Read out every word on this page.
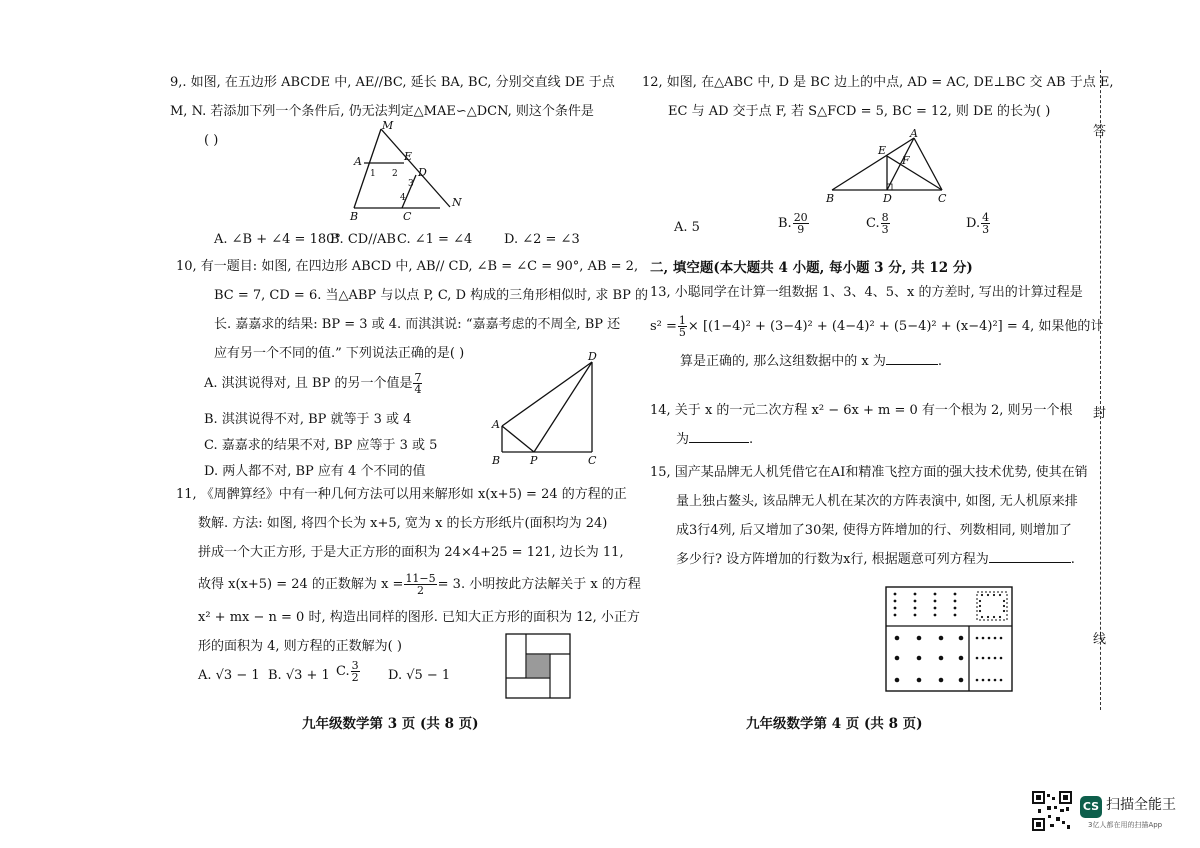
9,. 如图, 在五边形 ABCDE 中, AE//BC, 延长 BA, BC, 分别交直线 DE 于点
M, N. 若添加下列一个条件后, 仍无法判定△MAE∽△DCN, 则这个条件是
( )
M
A	E
D
N
B	C
1 2
3
4
A. ∠B + ∠4 = 180°
B. CD//AB C. ∠1 = ∠4 D. ∠2 = ∠3
10, 有一题目: 如图, 在四边形 ABCD 中, AB// CD, ∠B = ∠C = 90°, AB = 2,
BC = 7, CD = 6. 当△ABP 与以点 P, C, D 构成的三角形相似时, 求 BP 的
长. 嘉嘉求的结果: BP = 3 或 4. 而淇淇说: “嘉嘉考虑的不周全, BP 还
应有另一个不同的值.” 下列说法正确的是( )
A. 淇淇说得对, 且 BP 的另一个值是 $\frac{7}{4}$
B. 淇淇说得不对, BP 就等于 3 或 4
C. 嘉嘉求的结果不对, BP 应等于 3 或 5
D. 两人都不对, BP 应有 4 个不同的值
A
B	P	C
D
11, 《周髀算经》中有一种几何方法可以用来解形如 x(x+5) = 24 的方程的正
数解. 方法: 如图, 将四个长为 x+5, 宽为 x 的长方形纸片(面积均为 24)
拼成一个大正方形, 于是大正方形的面积为 24×4+25 = 121, 边长为 11,
故得 x(x+5) = 24 的正数解为 $x = \frac{11-5}{2} = 3$. 小明按此方法解关于 x 的方程
x² + mx − n = 0 时, 构造出同样的图形. 已知大正方形的面积为 12, 小正方
形的面积为 4, 则方程的正数解为( )
A. √3 − 1 B. √3 + 1 C. $\frac{3}{2} D$. √5 − 1
九年级数学第 3 页 (共 8 页)
12, 如图, 在△ABC 中, D 是 BC 边上的中点, AD = AC, DE⊥BC 交 AB 于点 E,
EC 与 AD 交于点 F, 若 S△FCD = 5, BC = 12, 则 DE 的长为( )
A
E
F
B	D	C
A. 5	B. $\frac{20}{9}$	C. $\frac{8}{3}$	D. $\frac{4}{3}$
二, 填空题(本大题共 4 小题, 每小题 3 分, 共 12 分)
13, 小聪同学在计算一组数据 1、3、4、5、x 的方差时, 写出的计算过程是
$s^2 = \frac{1}{5} \times [(1-4)^2 + (3-4)^2 + (4-4)^2 + (5-4)^2 + (x-4)^2] = 4$, 如果他的计
算是正确的, 那么这组数据中的 x 为	.
14, 关于 x 的一元二次方程 x² − 6x + m = 0 有一个根为 2, 则另一个根
为	.
15, 国产某品牌无人机凭借它在AI和精准飞控方面的强大技术优势, 使其在销
量上独占鳌头, 该品牌无人机在某次的方阵表演中, 如图, 无人机原来排
成3行4列, 后又增加了30架, 使得方阵增加的行、列数相同, 则增加了
多少行? 设方阵增加的行数为x行, 根据题意可列方程为	.
九年级数学第 4 页 (共 8 页)
答
封
线
CS 扫描全能王
3亿人都在用的扫描App
